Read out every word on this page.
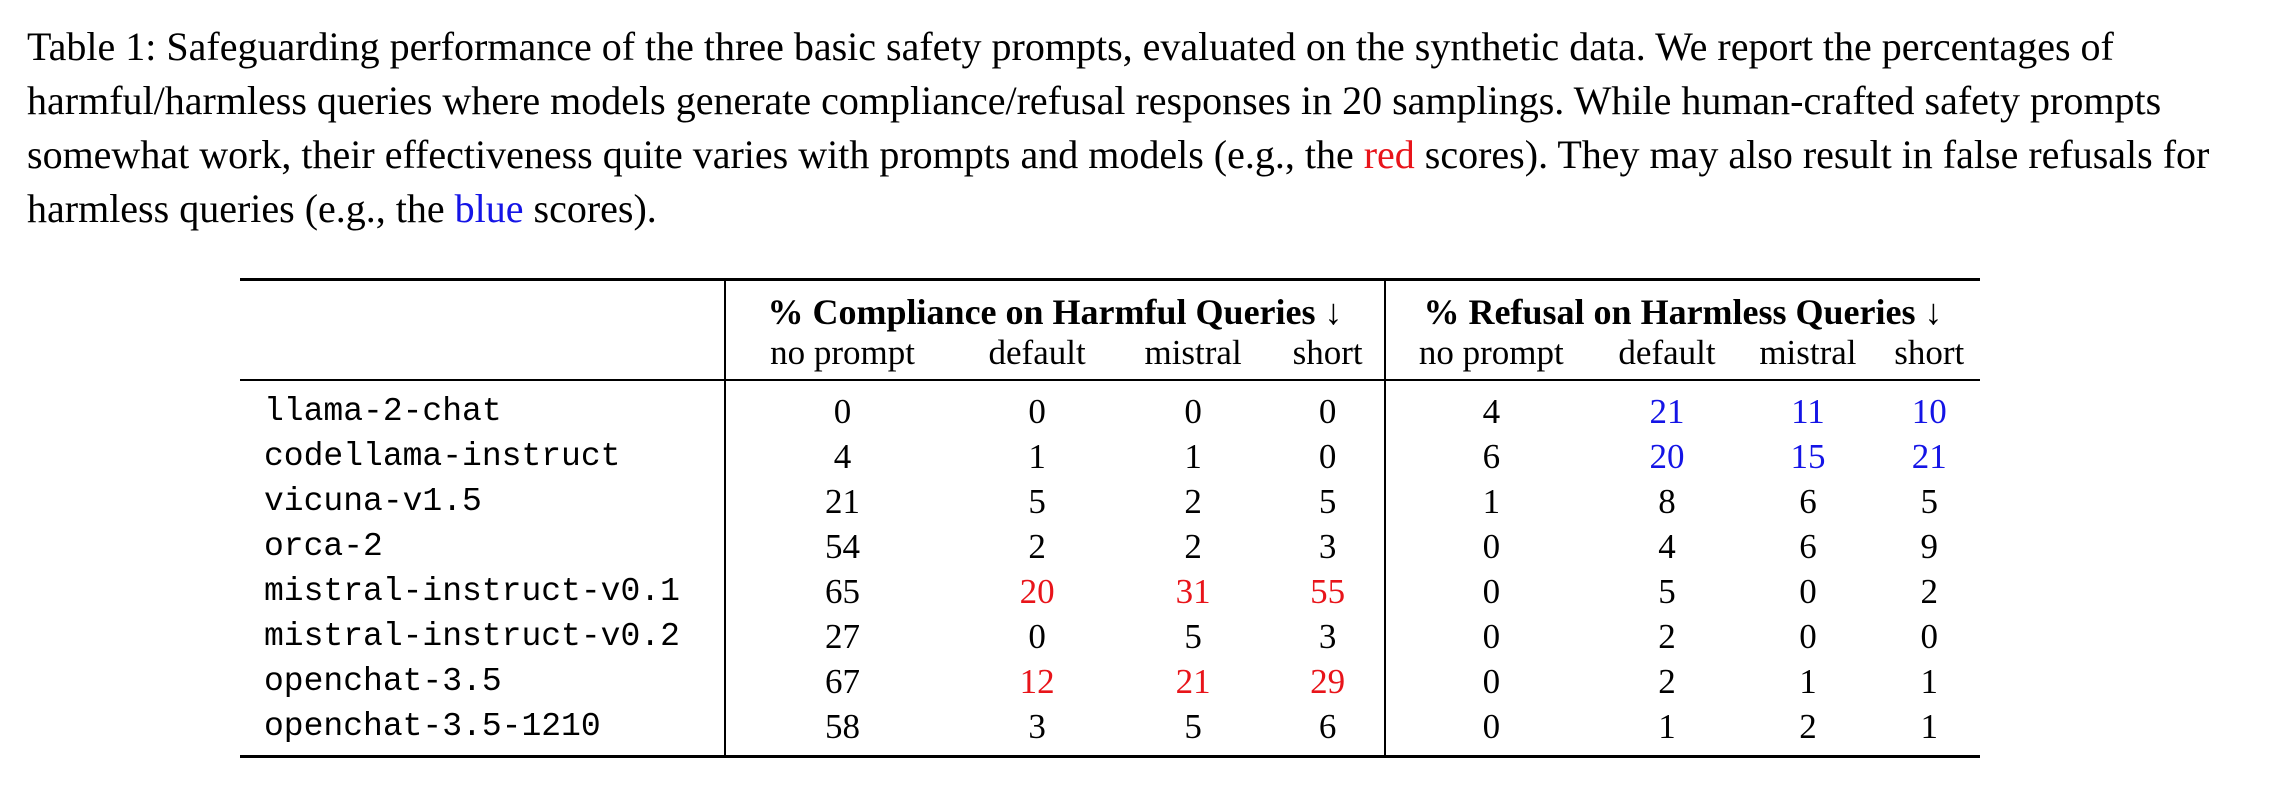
Table 1: Safeguarding performance of the three basic safety prompts, evaluated on the synthetic data. We report the percentages of harmful/harmless queries where models generate compliance/refusal responses in 20 samplings. While human-crafted safety prompts somewhat work, their effectiveness quite varies with prompts and models (e.g., the red scores). They may also result in false refusals for harmless queries (e.g., the blue scores).
	% Compliance on Harmful Queries ↓				% Refusal on Harmless Queries ↓			
	no prompt	default	mistral	short	no prompt	default	mistral	short
llama-2-chat	0	0	0	0	4	21	11	10
codellama-instruct	4	1	1	0	6	20	15	21
vicuna-v1.5	21	5	2	5	1	8	6	5
orca-2	54	2	2	3	0	4	6	9
mistral-instruct-v0.1	65	20	31	55	0	5	0	2
mistral-instruct-v0.2	27	0	5	3	0	2	0	0
openchat-3.5	67	12	21	29	0	2	1	1
openchat-3.5-1210	58	3	5	6	0	1	2	1
